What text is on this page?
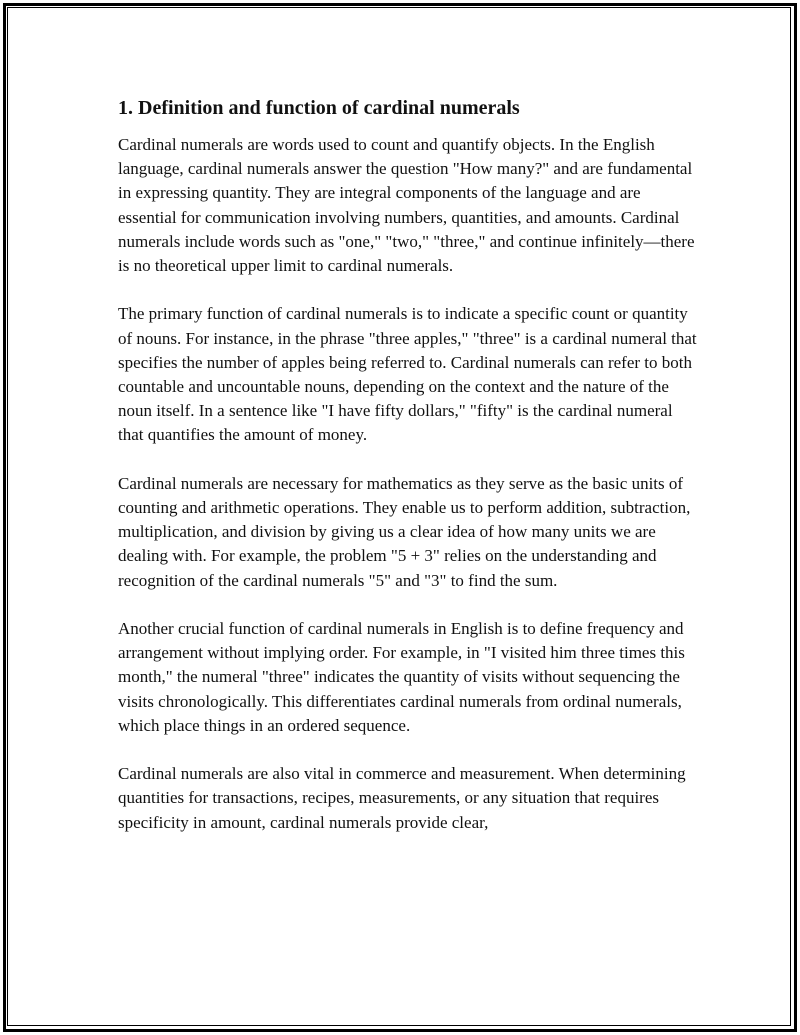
1. Definition and function of cardinal numerals

Cardinal numerals are words used to count and quantify objects. In the English language, cardinal numerals answer the question "How many?" and are fundamental in expressing quantity. They are integral components of the language and are essential for communication involving numbers, quantities, and amounts. Cardinal numerals include words such as "one," "two," "three," and continue infinitely—there is no theoretical upper limit to cardinal numerals.

The primary function of cardinal numerals is to indicate a specific count or quantity of nouns. For instance, in the phrase "three apples," "three" is a cardinal numeral that specifies the number of apples being referred to. Cardinal numerals can refer to both countable and uncountable nouns, depending on the context and the nature of the noun itself. In a sentence like "I have fifty dollars," "fifty" is the cardinal numeral that quantifies the amount of money.

Cardinal numerals are necessary for mathematics as they serve as the basic units of counting and arithmetic operations. They enable us to perform addition, subtraction, multiplication, and division by giving us a clear idea of how many units we are dealing with. For example, the problem "5 + 3" relies on the understanding and recognition of the cardinal numerals "5" and "3" to find the sum.

Another crucial function of cardinal numerals in English is to define frequency and arrangement without implying order. For example, in "I visited him three times this month," the numeral "three" indicates the quantity of visits without sequencing the visits chronologically. This differentiates cardinal numerals from ordinal numerals, which place things in an ordered sequence.

Cardinal numerals are also vital in commerce and measurement. When determining quantities for transactions, recipes, measurements, or any situation that requires specificity in amount, cardinal numerals provide clear,
